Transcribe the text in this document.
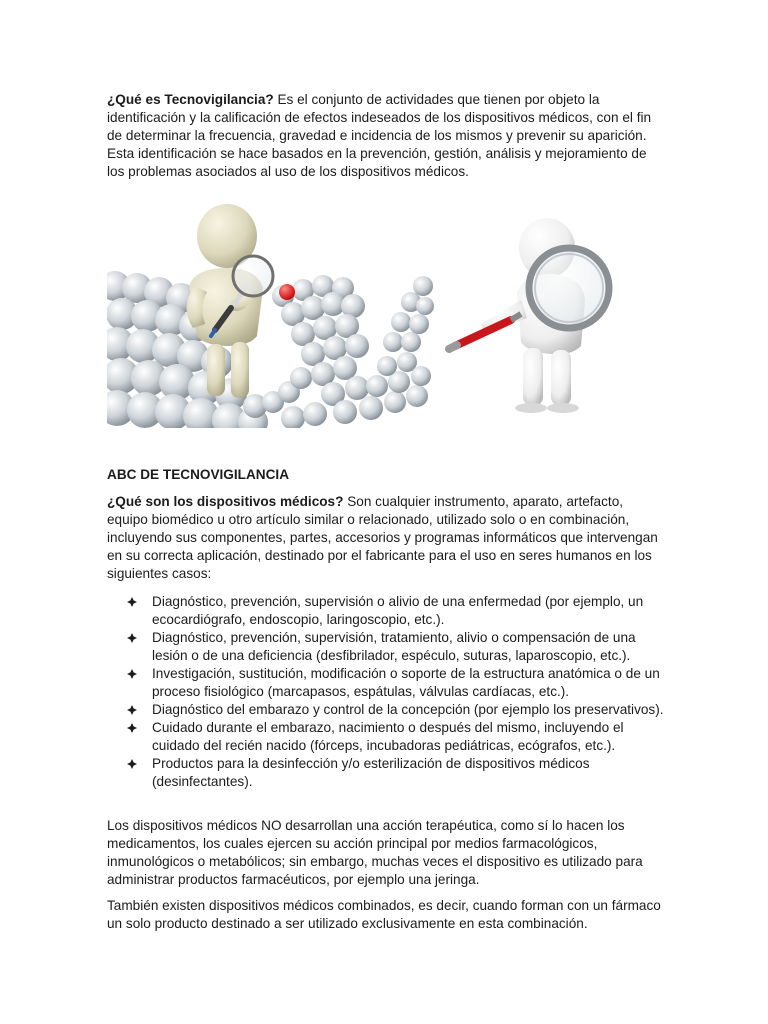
¿Qué es Tecnovigilancia? Es el conjunto de actividades que tienen por objeto la identificación y la calificación de efectos indeseados de los dispositivos médicos, con el fin de determinar la frecuencia, gravedad e incidencia de los mismos y prevenir su aparición. Esta identificación se hace basados en la prevención, gestión, análisis y mejoramiento de los problemas asociados al uso de los dispositivos médicos.

ABC DE TECNOVIGILANCIA

¿Qué son los dispositivos médicos? Son cualquier instrumento, aparato, artefacto, equipo biomédico u otro artículo similar o relacionado, utilizado solo o en combinación, incluyendo sus componentes, partes, accesorios y programas informáticos que intervengan en su correcta aplicación, destinado por el fabricante para el uso en seres humanos en los siguientes casos:

Diagnóstico, prevención, supervisión o alivio de una enfermedad (por ejemplo, un ecocardiógrafo, endoscopio, laringoscopio, etc.).
Diagnóstico, prevención, supervisión, tratamiento, alivio o compensación de una lesión o de una deficiencia (desfibrilador, espéculo, suturas, laparoscopio, etc.).
Investigación, sustitución, modificación o soporte de la estructura anatómica o de un proceso fisiológico (marcapasos, espátulas, válvulas cardíacas, etc.).
Diagnóstico del embarazo y control de la concepción (por ejemplo los preservativos).
Cuidado durante el embarazo, nacimiento o después del mismo, incluyendo el cuidado del recién nacido (fórceps, incubadoras pediátricas, ecógrafos, etc.).
Productos para la desinfección y/o esterilización de dispositivos médicos (desinfectantes).

Los dispositivos médicos NO desarrollan una acción terapéutica, como sí lo hacen los medicamentos, los cuales ejercen su acción principal por medios farmacológicos, inmunológicos o metabólicos; sin embargo, muchas veces el dispositivo es utilizado para administrar productos farmacéuticos, por ejemplo una jeringa.

También existen dispositivos médicos combinados, es decir, cuando forman con un fármaco un solo producto destinado a ser utilizado exclusivamente en esta combinación.
